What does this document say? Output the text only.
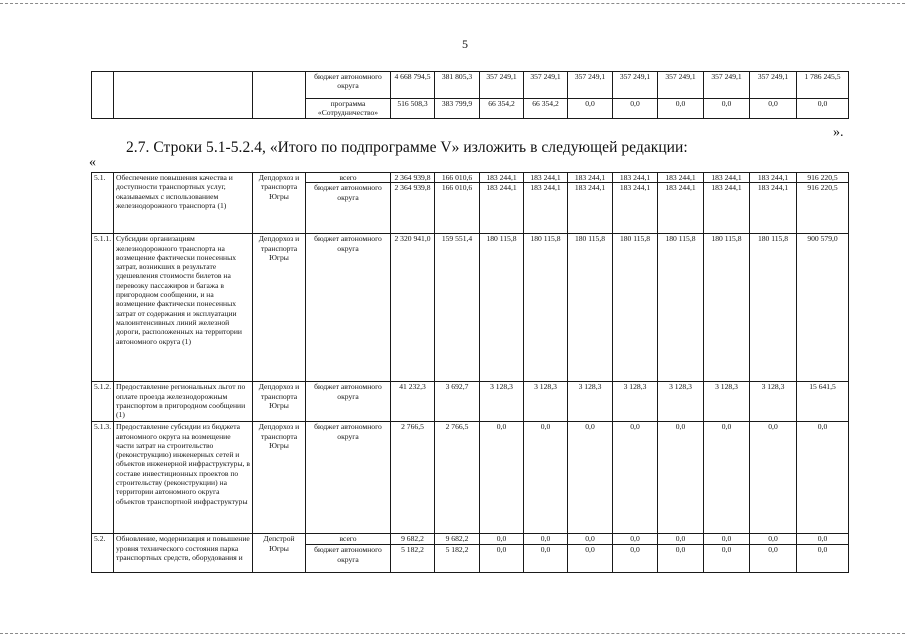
5
			бюджет автономного округа	4 668 794,5	381 805,3	357 249,1	357 249,1	357 249,1	357 249,1	357 249,1	357 249,1	357 249,1	1 786 245,5
			программа «Сотрудничество»	516 508,3	383 799,9	66 354,2	66 354,2	0,0	0,0	0,0	0,0	0,0	0,0
».
2.7. Строки 5.1-5.2.4, «Итого по подпрограмме V» изложить в следующей редакции:
«
5.1.	Обеспечение повышения качества и доступности транспортных услуг, оказываемых с использованием железнодорожного транспорта (1)	Депдорхоз и транспорта Югры	всего	2 364 939,8	166 010,6	183 244,1	183 244,1	183 244,1	183 244,1	183 244,1	183 244,1	183 244,1	916 220,5
			бюджет автономного округа	2 364 939,8	166 010,6	183 244,1	183 244,1	183 244,1	183 244,1	183 244,1	183 244,1	183 244,1	916 220,5
5.1.1.	Субсидии организациям железнодорожного транспорта на возмещение фактически понесенных затрат, возникших в результате удешевления стоимости билетов на перевозку пассажиров и багажа в пригородном сообщении, и на возмещение фактически понесенных затрат от содержания и эксплуатации малоинтенсивных линий железной дороги, расположенных на территории автономного округа (1)	Депдорхоз и транспорта Югры	бюджет автономного округа	2 320 941,0	159 551,4	180 115,8	180 115,8	180 115,8	180 115,8	180 115,8	180 115,8	180 115,8	900 579,0
5.1.2.	Предоставление региональных льгот по оплате проезда железнодорожным транспортом в пригородном сообщении (1)	Депдорхоз и транспорта Югры	бюджет автономного округа	41 232,3	3 692,7	3 128,3	3 128,3	3 128,3	3 128,3	3 128,3	3 128,3	3 128,3	15 641,5
5.1.3.	Предоставление субсидии из бюджета автономного округа на возмещение части затрат на строительство (реконструкцию) инженерных сетей и объектов инженерной инфраструктуры, в составе инвестиционных проектов по строительству (реконструкции) на территории автономного округа объектов транспортной инфраструктуры	Депдорхоз и транспорта Югры	бюджет автономного округа	2 766,5	2 766,5	0,0	0,0	0,0	0,0	0,0	0,0	0,0	0,0
5.2.	Обновление, модернизация и повышение уровня технического состояния парка транспортных средств, оборудования и	Депстрой Югры	всего	9 682,2	9 682,2	0,0	0,0	0,0	0,0	0,0	0,0	0,0	0,0
			бюджет автономного округа	5 182,2	5 182,2	0,0	0,0	0,0	0,0	0,0	0,0	0,0	0,0
